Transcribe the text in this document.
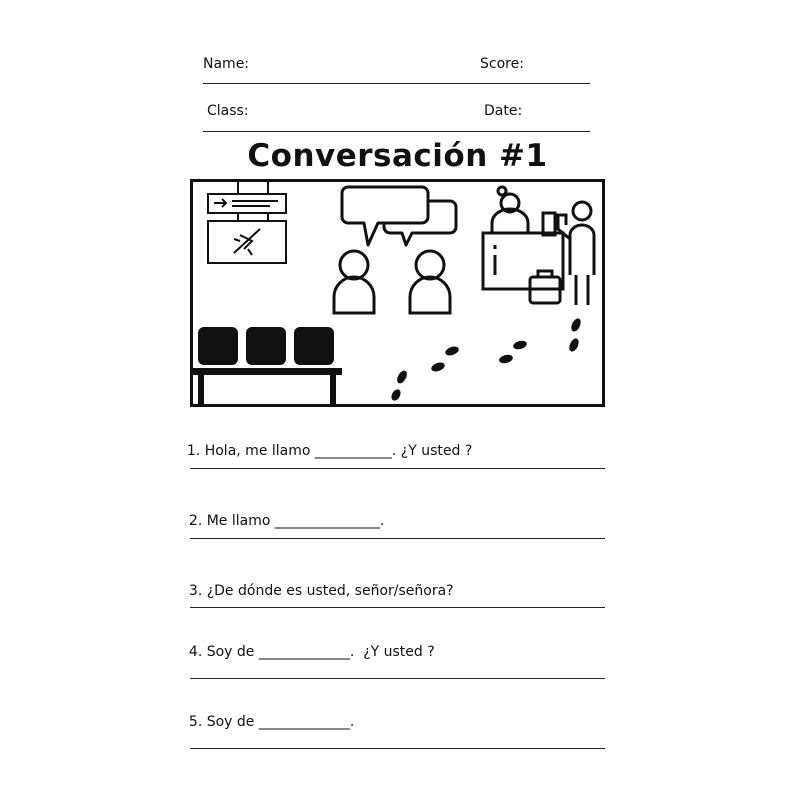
Name:	Score:
Class:	Date:
Conversación #1

1. Hola, me llamo ___________. ¿Y usted ?

2. Me llamo _______________.

3. ¿De dónde es usted, señor/señora?

4. Soy de _____________.  ¿Y usted ?

5. Soy de _____________.
